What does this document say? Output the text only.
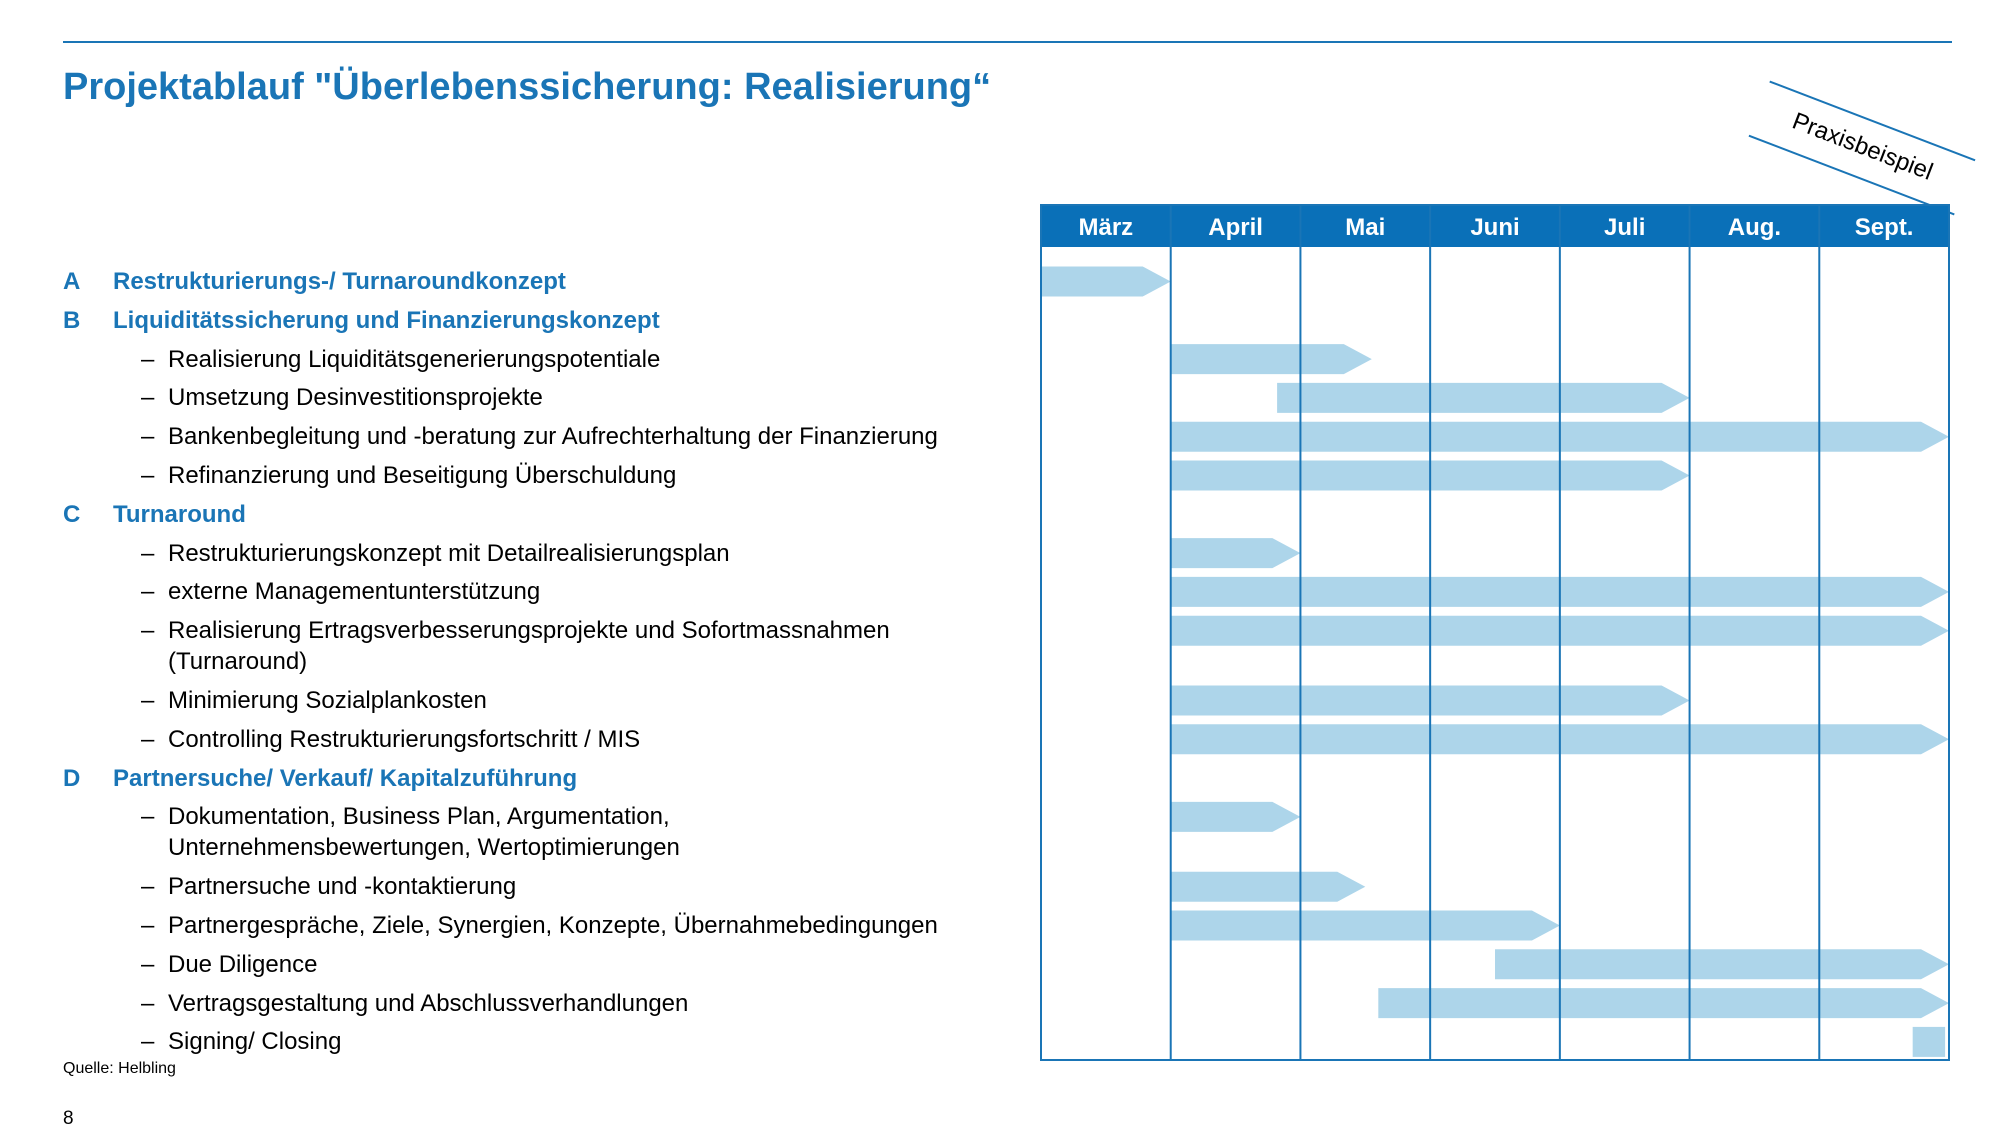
Projektablauf "Überlebenssicherung: Realisierung“
Praxisbeispiel
A Restrukturierungs-/ Turnaroundkonzept
B Liquiditätssicherung und Finanzierungskonzept
– Realisierung Liquiditätsgenerierungspotentiale
– Umsetzung Desinvestitionsprojekte
– Bankenbegleitung und -beratung zur Aufrechterhaltung der Finanzierung
– Refinanzierung und Beseitigung Überschuldung
C Turnaround
– Restrukturierungskonzept mit Detailrealisierungsplan
– externe Managementunterstützung
– Realisierung Ertragsverbesserungsprojekte und Sofortmassnahmen
(Turnaround)
– Minimierung Sozialplankosten
– Controlling Restrukturierungsfortschritt / MIS
D Partnersuche/ Verkauf/ Kapitalzuführung
– Dokumentation, Business Plan, Argumentation,
Unternehmensbewertungen, Wertoptimierungen
– Partnersuche und -kontaktierung
– Partnergespräche, Ziele, Synergien, Konzepte, Übernahmebedingungen
– Due Diligence
– Vertragsgestaltung und Abschlussverhandlungen
– Signing/ Closing
März	April	Mai	Juni	Juli	Aug.	Sept.
Quelle: Helbling
8
